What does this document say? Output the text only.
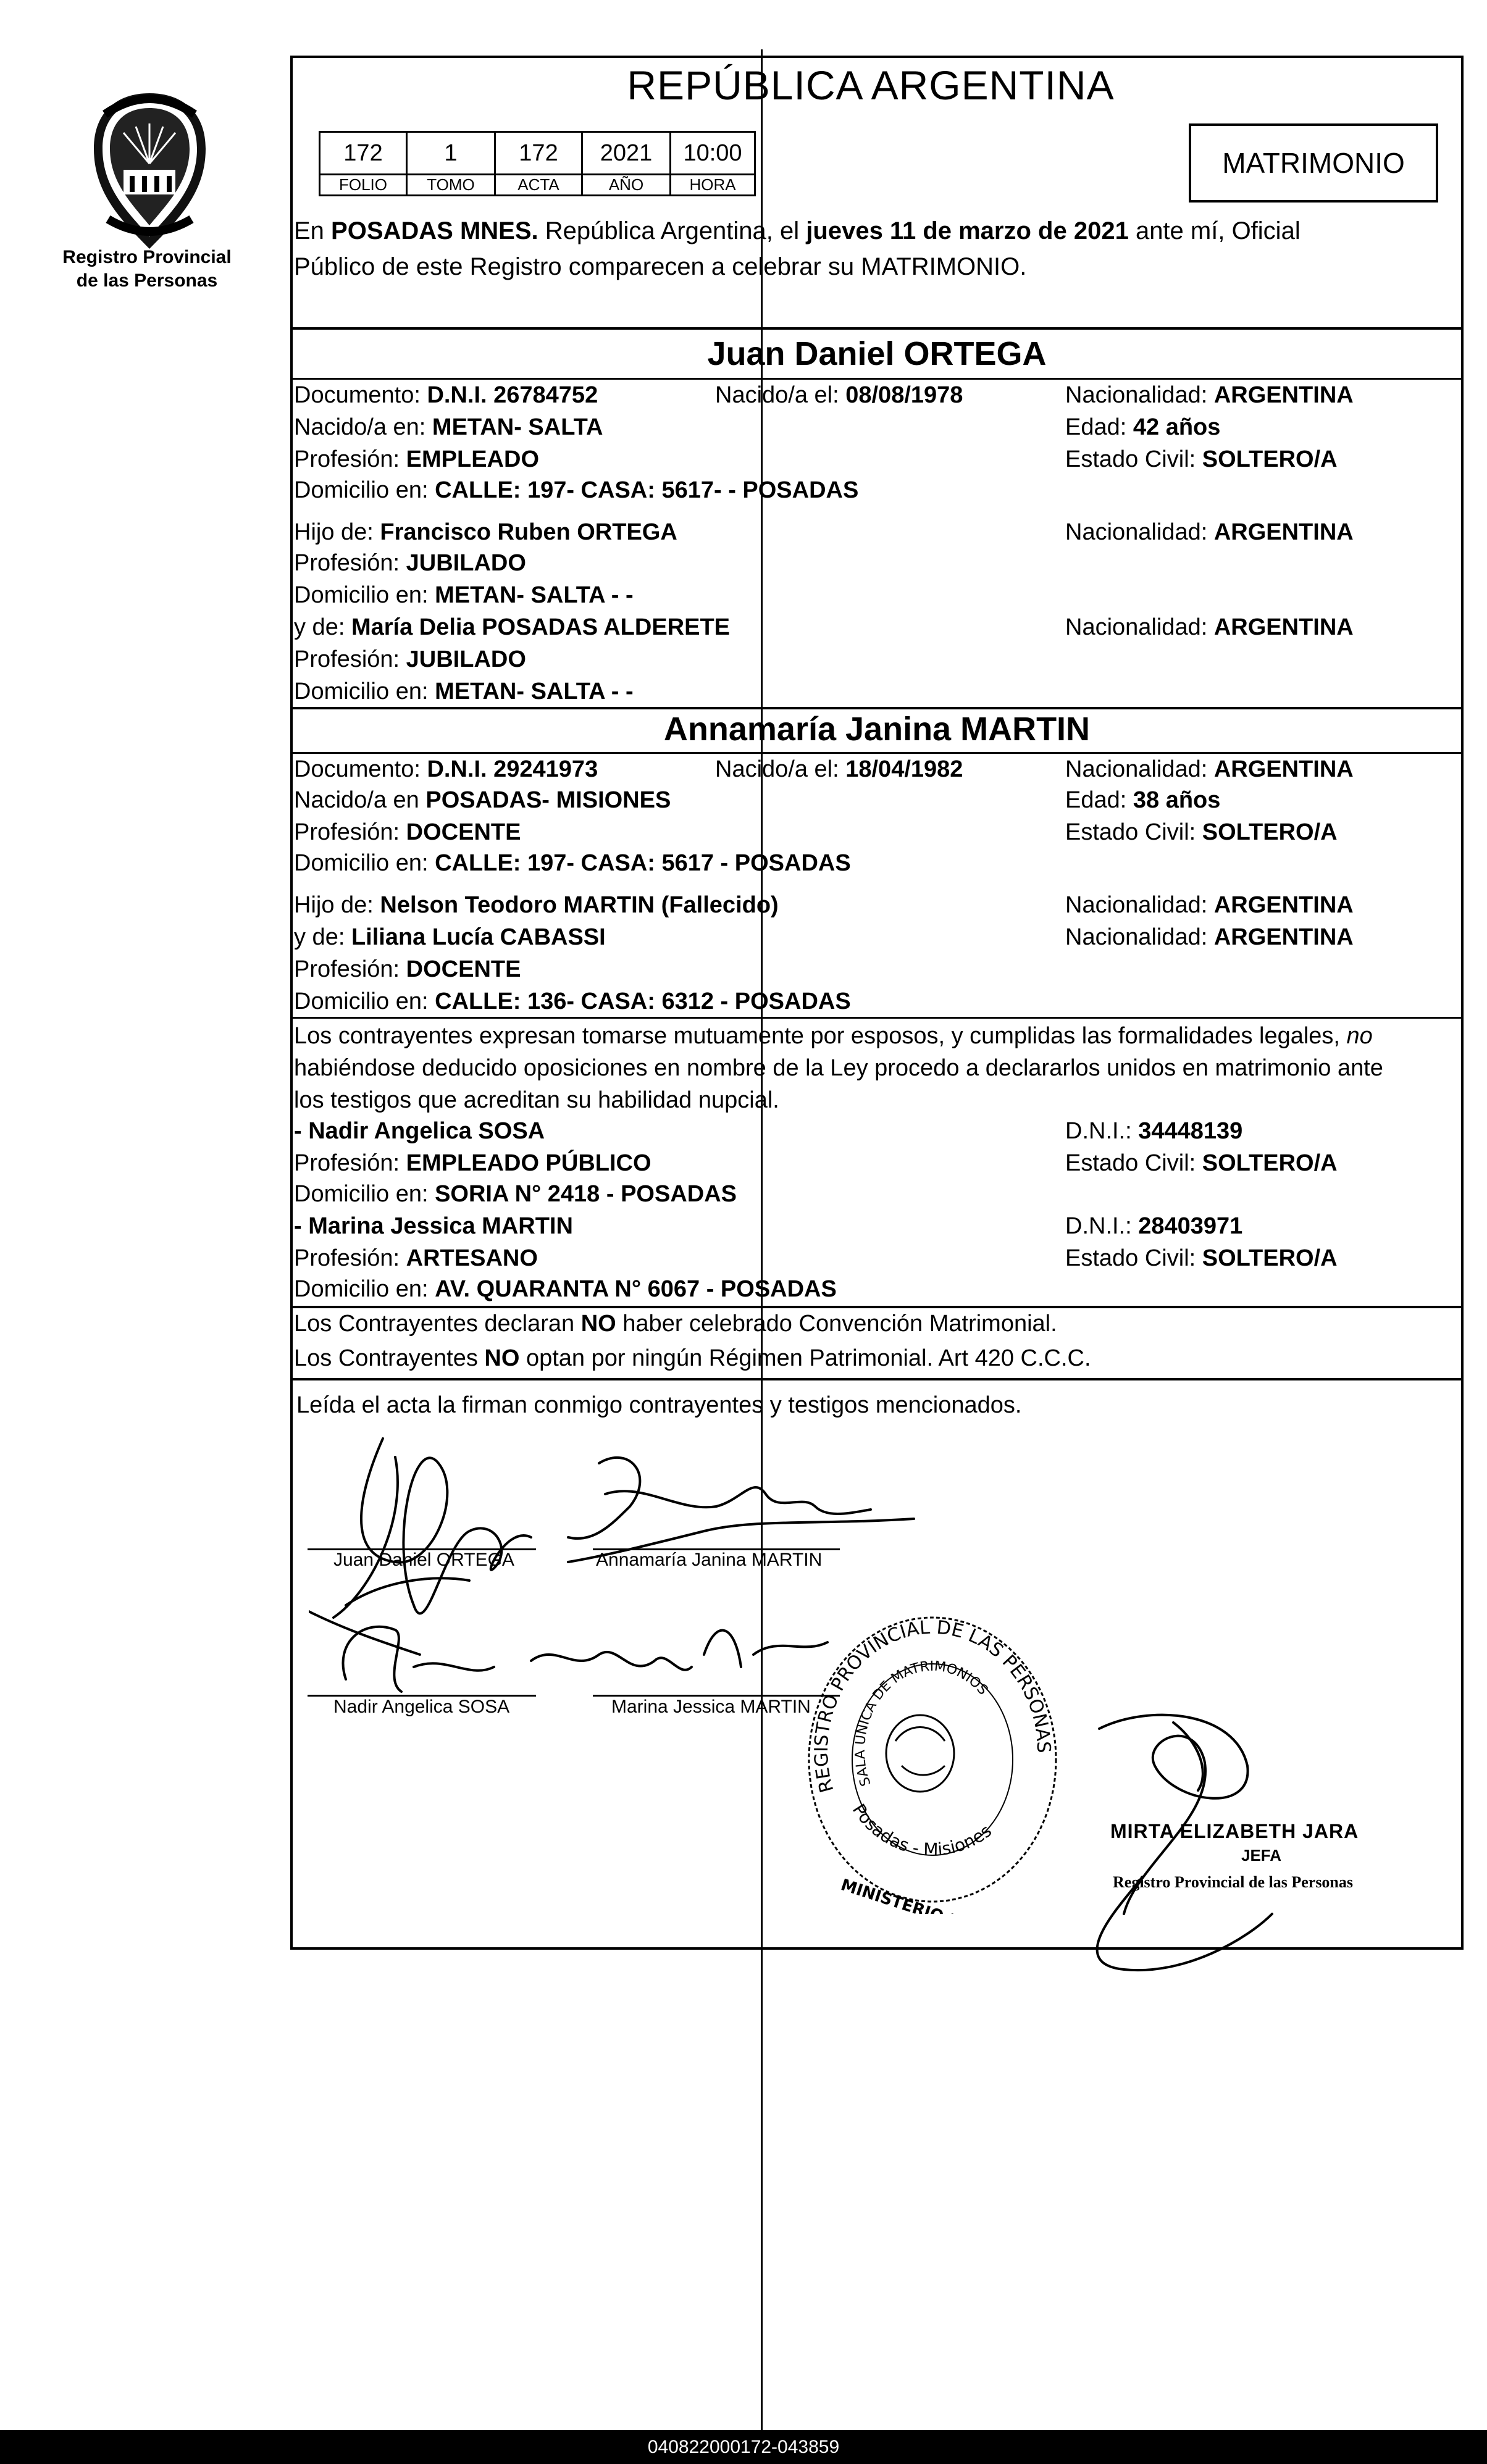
Registro Provincial
de las Personas
REPÚBLICA ARGENTINA
172	1	172	2021	10:00
FOLIO	TOMO	ACTA	AÑO	HORA
MATRIMONIO
En POSADAS MNES. República Argentina, el jueves 11 de marzo de 2021 ante mí, Oficial
Público de este Registro comparecen a celebrar su MATRIMONIO.
Juan Daniel ORTEGA
Documento: D.N.I. 26784752	Nacido/a el: 08/08/1978	Nacionalidad: ARGENTINA
Nacido/a en: METAN- SALTA	Edad: 42 años
Profesión: EMPLEADO	Estado Civil: SOLTERO/A
Domicilio en: CALLE: 197- CASA: 5617- - POSADAS
Hijo de: Francisco Ruben ORTEGA	Nacionalidad: ARGENTINA
Profesión: JUBILADO
Domicilio en: METAN- SALTA - -
y de: María Delia POSADAS ALDERETE	Nacionalidad: ARGENTINA
Profesión: JUBILADO
Domicilio en: METAN- SALTA - -
Annamaría Janina MARTIN
Documento: D.N.I. 29241973	Nacido/a el: 18/04/1982	Nacionalidad: ARGENTINA
Nacido/a en POSADAS- MISIONES	Edad: 38 años
Profesión: DOCENTE	Estado Civil: SOLTERO/A
Domicilio en: CALLE: 197- CASA: 5617 - POSADAS
Hijo de: Nelson Teodoro MARTIN (Fallecido)	Nacionalidad: ARGENTINA
y de: Liliana Lucía CABASSI	Nacionalidad: ARGENTINA
Profesión: DOCENTE
Domicilio en: CALLE: 136- CASA: 6312 - POSADAS
Los contrayentes expresan tomarse mutuamente por esposos, y cumplidas las formalidades legales, no
habiéndose deducido oposiciones en nombre de la Ley procedo a declararlos unidos en matrimonio ante
los testigos que acreditan su habilidad nupcial.
- Nadir Angelica SOSA	D.N.I.: 34448139
Profesión: EMPLEADO PÚBLICO	Estado Civil: SOLTERO/A
Domicilio en: SORIA N° 2418 - POSADAS
- Marina Jessica MARTIN	D.N.I.: 28403971
Profesión: ARTESANO	Estado Civil: SOLTERO/A
Domicilio en: AV. QUARANTA N° 6067 - POSADAS
Los Contrayentes declaran NO haber celebrado Convención Matrimonial.
Los Contrayentes NO optan por ningún Régimen Patrimonial. Art 420 C.C.C.
Leída el acta la firman conmigo contrayentes y testigos mencionados.
Juan Daniel ORTEGA	Annamaría Janina MARTIN
Nadir Angelica SOSA	Marina Jessica MARTIN
REGISTRO PROVINCIAL DE LAS PERSONAS
SALA UNICA DE MATRIMONIOS
Posadas - Misiones	MIRTA ELIZABETH JARA
JEFA
Registro Provincial de las Personas
040822000172-043859
